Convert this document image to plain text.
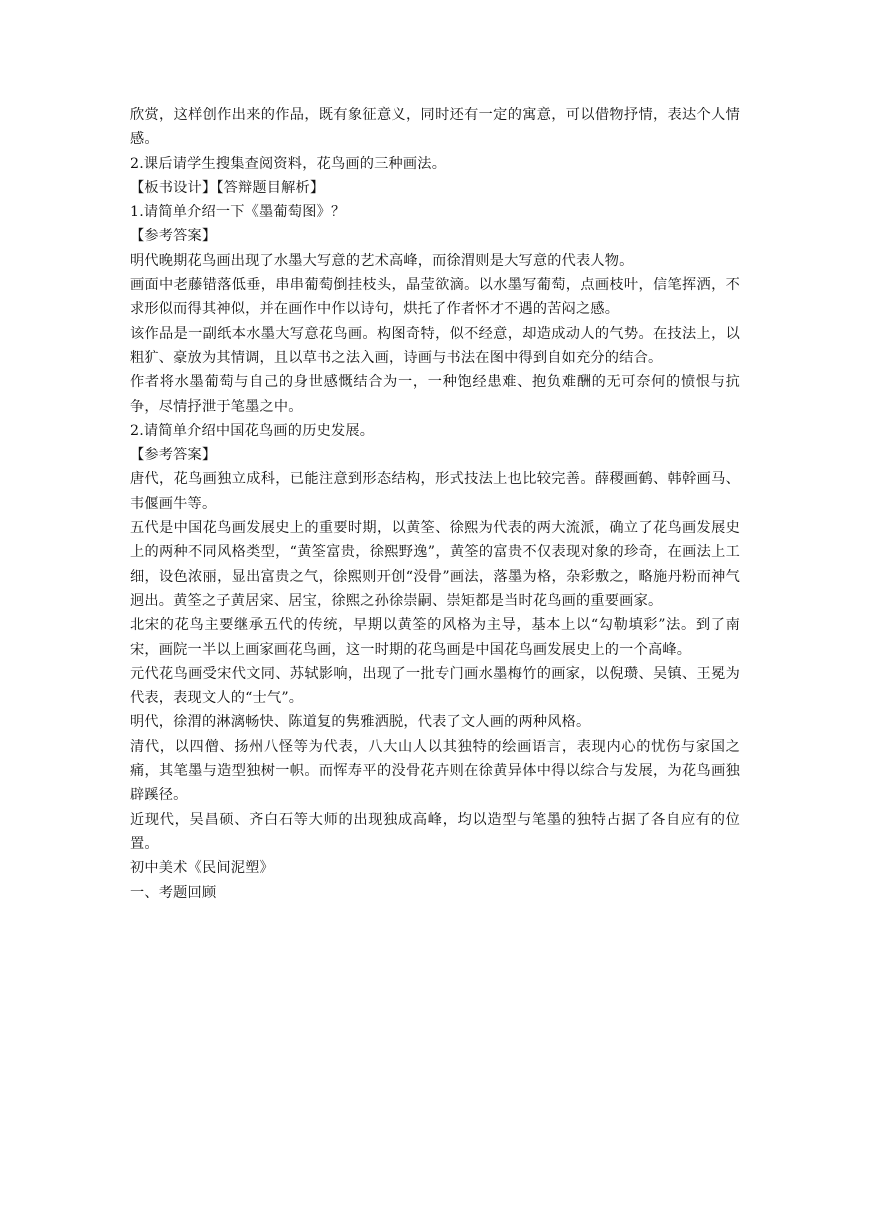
欣赏，这样创作出来的作品，既有象征意义，同时还有一定的寓意，可以借物抒情，表达个人情感。

2.课后请学生搜集查阅资料，花鸟画的三种画法。

【板书设计】【答辩题目解析】

1.请简单介绍一下《墨葡萄图》？

【参考答案】

明代晚期花鸟画出现了水墨大写意的艺术高峰，而徐渭则是大写意的代表人物。

画面中老藤错落低垂，串串葡萄倒挂枝头，晶莹欲滴。以水墨写葡萄，点画枝叶，信笔挥洒，不求形似而得其神似，并在画作中作以诗句，烘托了作者怀才不遇的苦闷之感。

该作品是一副纸本水墨大写意花鸟画。构图奇特，似不经意，却造成动人的气势。在技法上，以粗犷、豪放为其情调，且以草书之法入画，诗画与书法在图中得到自如充分的结合。

作者将水墨葡萄与自己的身世感慨结合为一，一种饱经患难、抱负难酬的无可奈何的愤恨与抗争，尽情抒泄于笔墨之中。

2.请简单介绍中国花鸟画的历史发展。

【参考答案】

唐代，花鸟画独立成科，已能注意到形态结构，形式技法上也比较完善。薛稷画鹤、韩幹画马、韦偃画牛等。

五代是中国花鸟画发展史上的重要时期，以黄筌、徐熙为代表的两大流派，确立了花鸟画发展史上的两种不同风格类型，“黄筌富贵，徐熙野逸”，黄筌的富贵不仅表现对象的珍奇，在画法上工细，设色浓丽，显出富贵之气，徐熙则开创“没骨”画法，落墨为格，杂彩敷之，略施丹粉而神气迥出。黄筌之子黄居寀、居宝，徐熙之孙徐崇嗣、崇矩都是当时花鸟画的重要画家。

北宋的花鸟主要继承五代的传统，早期以黄筌的风格为主导，基本上以“勾勒填彩”法。到了南宋，画院一半以上画家画花鸟画，这一时期的花鸟画是中国花鸟画发展史上的一个高峰。

元代花鸟画受宋代文同、苏轼影响，出现了一批专门画水墨梅竹的画家，以倪瓒、吴镇、王冕为代表，表现文人的“士气”。

明代，徐渭的淋漓畅快、陈道复的隽雅洒脱，代表了文人画的两种风格。

清代，以四僧、扬州八怪等为代表，八大山人以其独特的绘画语言，表现内心的忧伤与家国之痛，其笔墨与造型独树一帜。而恽寿平的没骨花卉则在徐黄异体中得以综合与发展，为花鸟画独辟蹊径。

近现代，吴昌硕、齐白石等大师的出现独成高峰，均以造型与笔墨的独特占据了各自应有的位置。

初中美术《民间泥塑》

一、考题回顾
